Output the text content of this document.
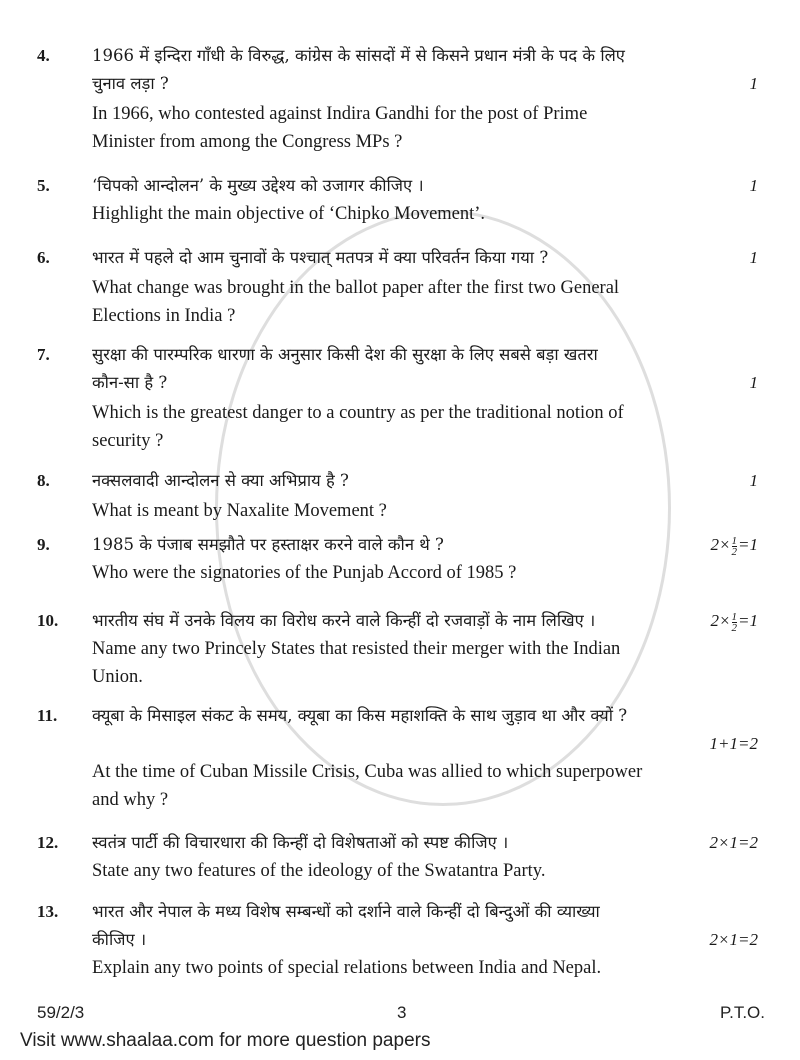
4.	1966 में इन्दिरा गाँधी के विरुद्ध, कांग्रेस के सांसदों में से किसने प्रधान मंत्री के पद के लिए
चुनाव लड़ा ?	1
In 1966, who contested against Indira Gandhi for the post of Prime
Minister from among the Congress MPs ?
5.	‘चिपको आन्दोलन’ के मुख्य उद्देश्य को उजागर कीजिए ।	1
Highlight the main objective of ‘Chipko Movement’.
6.	भारत में पहले दो आम चुनावों के पश्चात् मतपत्र में क्या परिवर्तन किया गया ?	1
What change was brought in the ballot paper after the first two General
Elections in India ?
7.	सुरक्षा की पारम्परिक धारणा के अनुसार किसी देश की सुरक्षा के लिए सबसे बड़ा खतरा
कौन-सा है ?	1
Which is the greatest danger to a country as per the traditional notion of
security ?
8.	नक्सलवादी आन्दोलन से क्या अभिप्राय है ?	1
What is meant by Naxalite Movement ?
9.	1985 के पंजाब समझौते पर हस्ताक्षर करने वाले कौन थे ?	$2\times \frac{1}{2} =1$
Who were the signatories of the Punjab Accord of 1985 ?
10. भारतीय संघ में उनके विलय का विरोध करने वाले किन्हीं दो रजवाड़ों के नाम लिखिए ।	$2\times \frac{1}{2} =1$
Name any two Princely States that resisted their merger with the Indian
Union.
11. क्यूबा के मिसाइल संकट के समय, क्यूबा का किस महाशक्ति के साथ जुड़ाव था और क्यों ?
1+1=2
At the time of Cuban Missile Crisis, Cuba was allied to which superpower
and why ?
12. स्वतंत्र पार्टी की विचारधारा की किन्हीं दो विशेषताओं को स्पष्ट कीजिए ।	2×1=2
State any two features of the ideology of the Swatantra Party.
13. भारत और नेपाल के मध्य विशेष सम्बन्धों को दर्शाने वाले किन्हीं दो बिन्दुओं की व्याख्या
कीजिए ।	2×1=2
Explain any two points of special relations between India and Nepal.
59/2/3	3	P.T.O.
Visit www.shaalaa.com for more question papers
